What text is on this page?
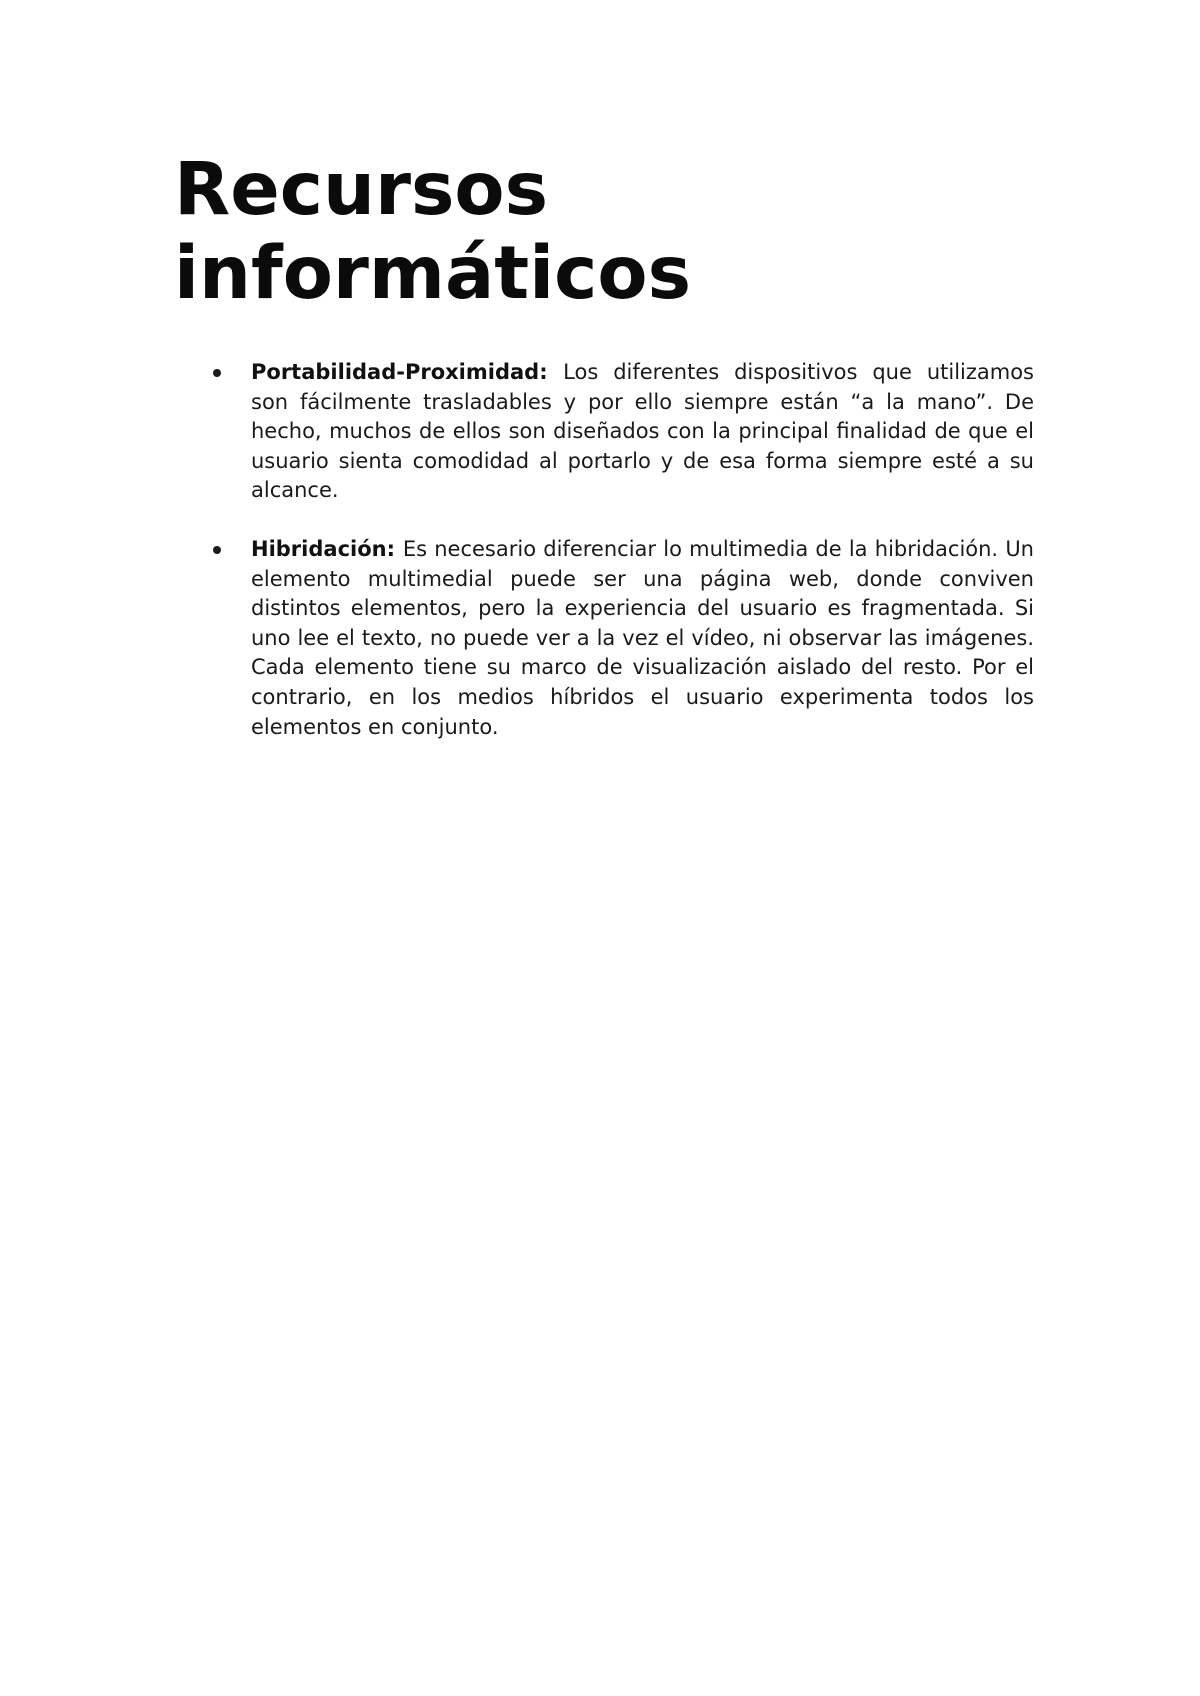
Recursos
informáticos
Portabilidad-Proximidad: Los diferentes dispositivos que utilizamos son fácilmente trasladables y por ello siempre están “a la mano”. De hecho, muchos de ellos son diseñados con la principal finalidad de que el usuario sienta comodidad al portarlo y de esa forma siempre esté a su alcance.
Hibridación: Es necesario diferenciar lo multimedia de la hibridación. Un elemento multimedial puede ser una página web, donde conviven distintos elementos, pero la experiencia del usuario es fragmentada. Si uno lee el texto, no puede ver a la vez el vídeo, ni observar las imágenes. Cada elemento tiene su marco de visualización aislado del resto. Por el contrario, en los medios híbridos el usuario experimenta todos los elementos en conjunto.
